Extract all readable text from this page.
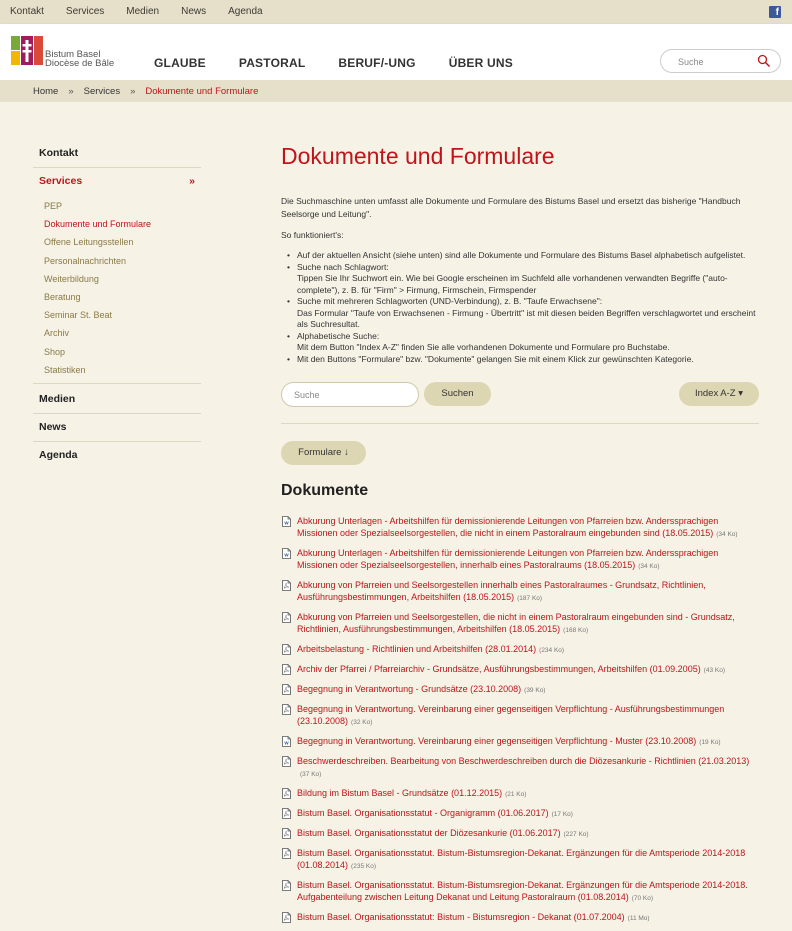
Kontakt Services Medien News Agenda	f
Bistum Basel
Diocèse de Bâle	GLAUBE	PASTORAL	BERUF/-UNG	ÜBER UNS	Suche
Home » Services » Dokumente und Formulare
Kontakt
Services	»
PEP
Dokumente und Formulare
Offene Leitungsstellen
Personalnachrichten
Weiterbildung
Beratung
Seminar St. Beat
Archiv
Shop
Statistiken
Medien
News
Agenda
Dokumente und Formulare

Die Suchmaschine unten umfasst alle Dokumente und Formulare des Bistums Basel und ersetzt das bisherige "Handbuch Seelsorge und Leitung".

So funktioniert's:

• Auf der aktuellen Ansicht (siehe unten) sind alle Dokumente und Formulare des Bistums Basel alphabetisch aufgelistet.
• Suche nach Schlagwort:
Tippen Sie Ihr Suchwort ein. Wie bei Google erscheinen im Suchfeld alle vorhandenen verwandten Begriffe ("auto-complete"), z. B. für "Firm" > Firmung, Firmschein, Firmspender
• Suche mit mehreren Schlagworten (UND-Verbindung), z. B. "Taufe Erwachsene":
Das Formular "Taufe von Erwachsenen - Firmung - Übertritt" ist mit diesen beiden Begriffen verschlagwortet und erscheint als Suchresultat.
• Alphabetische Suche:
Mit dem Button "Index A-Z" finden Sie alle vorhandenen Dokumente und Formulare pro Buchstabe.
• Mit den Buttons "Formulare" bzw. "Dokumente" gelangen Sie mit einem Klick zur gewünschten Kategorie.
Suche	Suchen	Index A-Z ▾
Formulare ↓
Dokumente
W Abkurung Unterlagen - Arbeitshilfen für demissionierende Leitungen von Pfarreien bzw. Anderssprachigen Missionen oder Spezialseelsorgestellen, die nicht in einem Pastoralraum eingebunden sind (18.05.2015) (34 Ko)
W Abkurung Unterlagen - Arbeitshilfen für demissionierende Leitungen von Pfarreien bzw. Anderssprachigen Missionen oder Spezialseelsorgestellen, innerhalb eines Pastoralraums (18.05.2015) (34 Ko)
Abkurung von Pfarreien und Seelsorgestellen innerhalb eines Pastoralraumes - Grundsatz, Richtlinien, Ausführungsbestimmungen, Arbeitshilfen (18.05.2015) (187 Ko)
Abkurung von Pfarreien und Seelsorgestellen, die nicht in einem Pastoralraum eingebunden sind - Grundsatz, Richtlinien, Ausführungsbestimmungen, Arbeitshilfen (18.05.2015) (168 Ko)
Arbeitsbelastung - Richtlinien und Arbeitshilfen (28.01.2014) (234 Ko)
Archiv der Pfarrei / Pfarreiarchiv - Grundsätze, Ausführungsbestimmungen, Arbeitshilfen (01.09.2005) (43 Ko)
Begegnung in Verantwortung - Grundsätze (23.10.2008) (39 Ko)
Begegnung in Verantwortung. Vereinbarung einer gegenseitigen Verpflichtung - Ausführungsbestimmungen (23.10.2008) (32 Ko)
W Begegnung in Verantwortung. Vereinbarung einer gegenseitigen Verpflichtung - Muster (23.10.2008) (19 Ko)
Beschwerdeschreiben. Bearbeitung von Beschwerdeschreiben durch die Diözesankurie - Richtlinien (21.03.2013)(37 Ko)
Bildung im Bistum Basel - Grundsätze (01.12.2015) (21 Ko)
Bistum Basel. Organisationsstatut - Organigramm (01.06.2017) (17 Ko)
Bistum Basel. Organisationsstatut der Diözesankurie (01.06.2017) (227 Ko)
Bistum Basel. Organisationsstatut. Bistum-Bistumsregion-Dekanat. Ergänzungen für die Amtsperiode 2014-2018 (01.08.2014) (235 Ko)
Bistum Basel. Organisationsstatut. Bistum-Bistumsregion-Dekanat. Ergänzungen für die Amtsperiode 2014-2018. Aufgabenteilung zwischen Leitung Dekanat und Leitung Pastoralraum (01.08.2014) (70 Ko)
Bistum Basel. Organisationsstatut: Bistum - Bistumsregion - Dekanat (01.07.2004) (11 Mo)
